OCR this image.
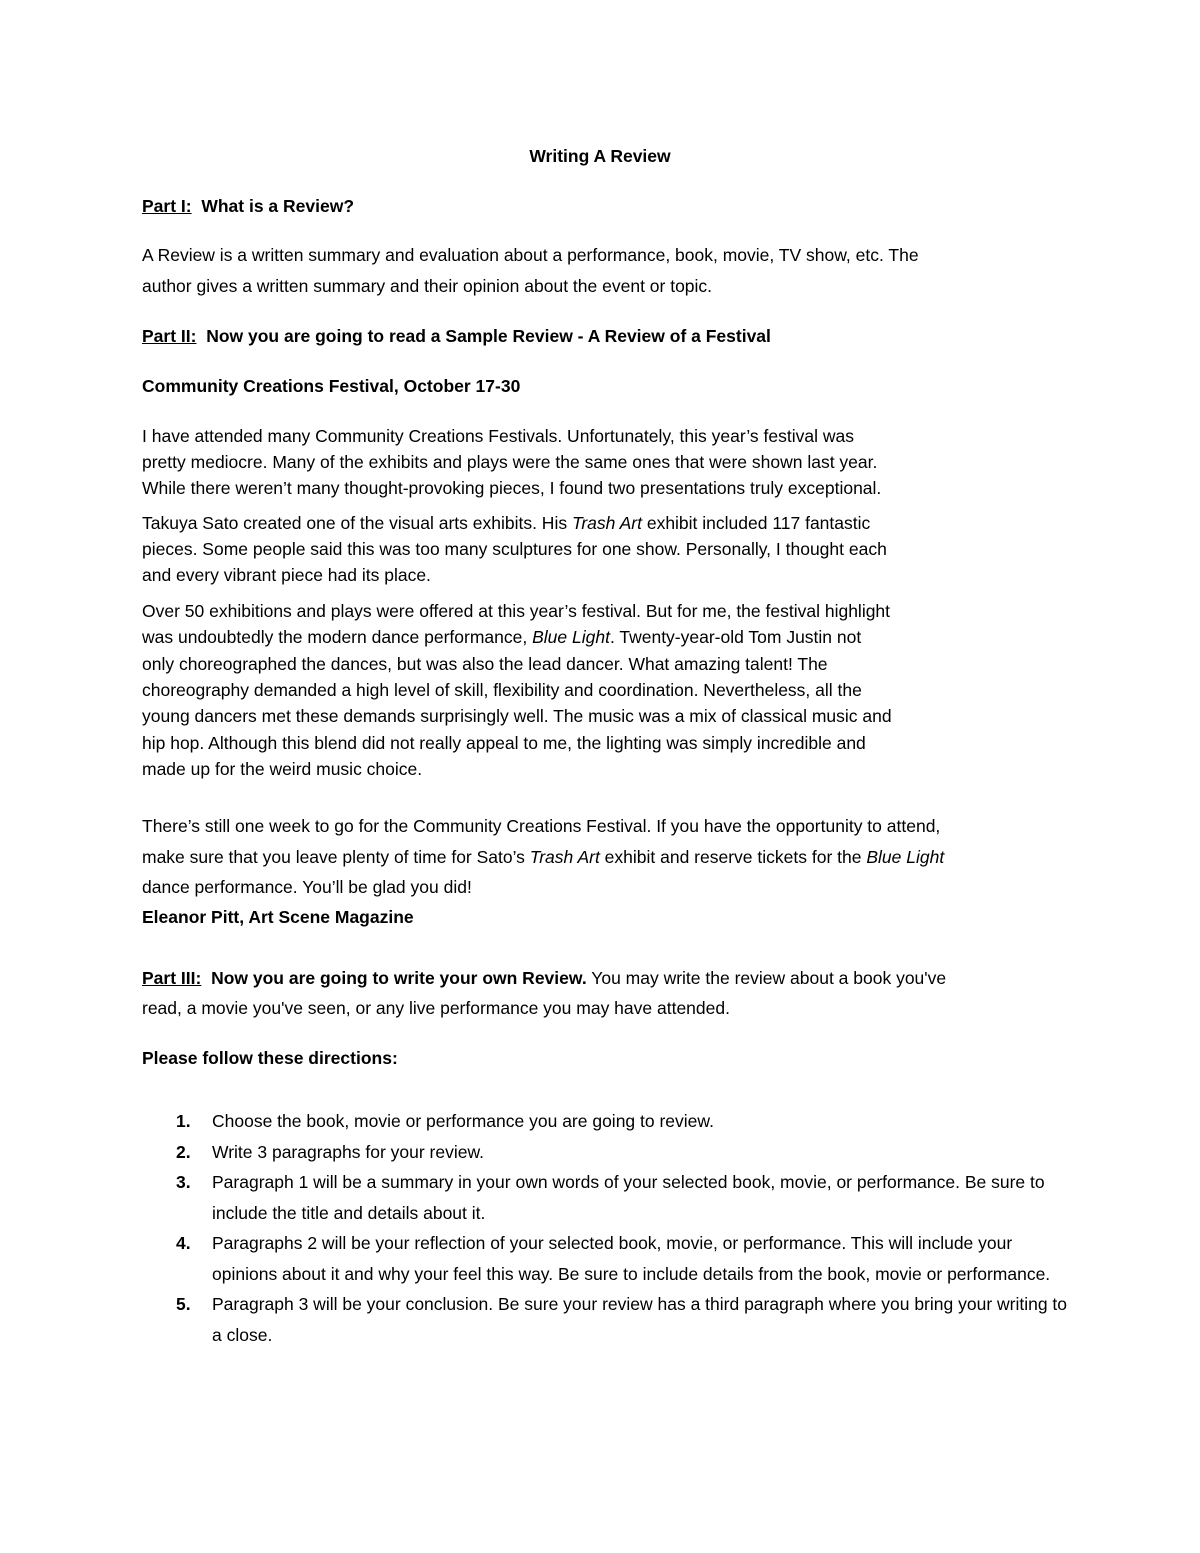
Writing A Review
Part I: What is a Review?
A Review is a written summary and evaluation about a performance, book, movie, TV show, etc. The
author gives a written summary and their opinion about the event or topic.
Part II: Now you are going to read a Sample Review - A Review of a Festival
Community Creations Festival, October 17-30
I have attended many Community Creations Festivals. Unfortunately, this year’s festival was
pretty mediocre. Many of the exhibits and plays were the same ones that were shown last year.
While there weren’t many thought-provoking pieces, I found two presentations truly exceptional.
Takuya Sato created one of the visual arts exhibits. His Trash Art exhibit included 117 fantastic
pieces. Some people said this was too many sculptures for one show. Personally, I thought each
and every vibrant piece had its place.
Over 50 exhibitions and plays were offered at this year’s festival. But for me, the festival highlight
was undoubtedly the modern dance performance, Blue Light. Twenty-year-old Tom Justin not
only choreographed the dances, but was also the lead dancer. What amazing talent! The
choreography demanded a high level of skill, flexibility and coordination. Nevertheless, all the
young dancers met these demands surprisingly well. The music was a mix of classical music and
hip hop. Although this blend did not really appeal to me, the lighting was simply incredible and
made up for the weird music choice.
There’s still one week to go for the Community Creations Festival. If you have the opportunity to attend,
make sure that you leave plenty of time for Sato’s Trash Art exhibit and reserve tickets for the Blue Light
dance performance. You’ll be glad you did!
Eleanor Pitt, Art Scene Magazine
Part III: Now you are going to write your own Review. You may write the review about a book you've
read, a movie you've seen, or any live performance you may have attended.
Please follow these directions:
1. Choose the book, movie or performance you are going to review.
2. Write 3 paragraphs for your review.
3. Paragraph 1 will be a summary in your own words of your selected book, movie, or performance. Be sure to include the title and details about it.
4. Paragraphs 2 will be your reflection of your selected book, movie, or performance. This will include your opinions about it and why your feel this way. Be sure to include details from the book, movie or performance.
5. Paragraph 3 will be your conclusion. Be sure your review has a third paragraph where you bring your writing to a close.
